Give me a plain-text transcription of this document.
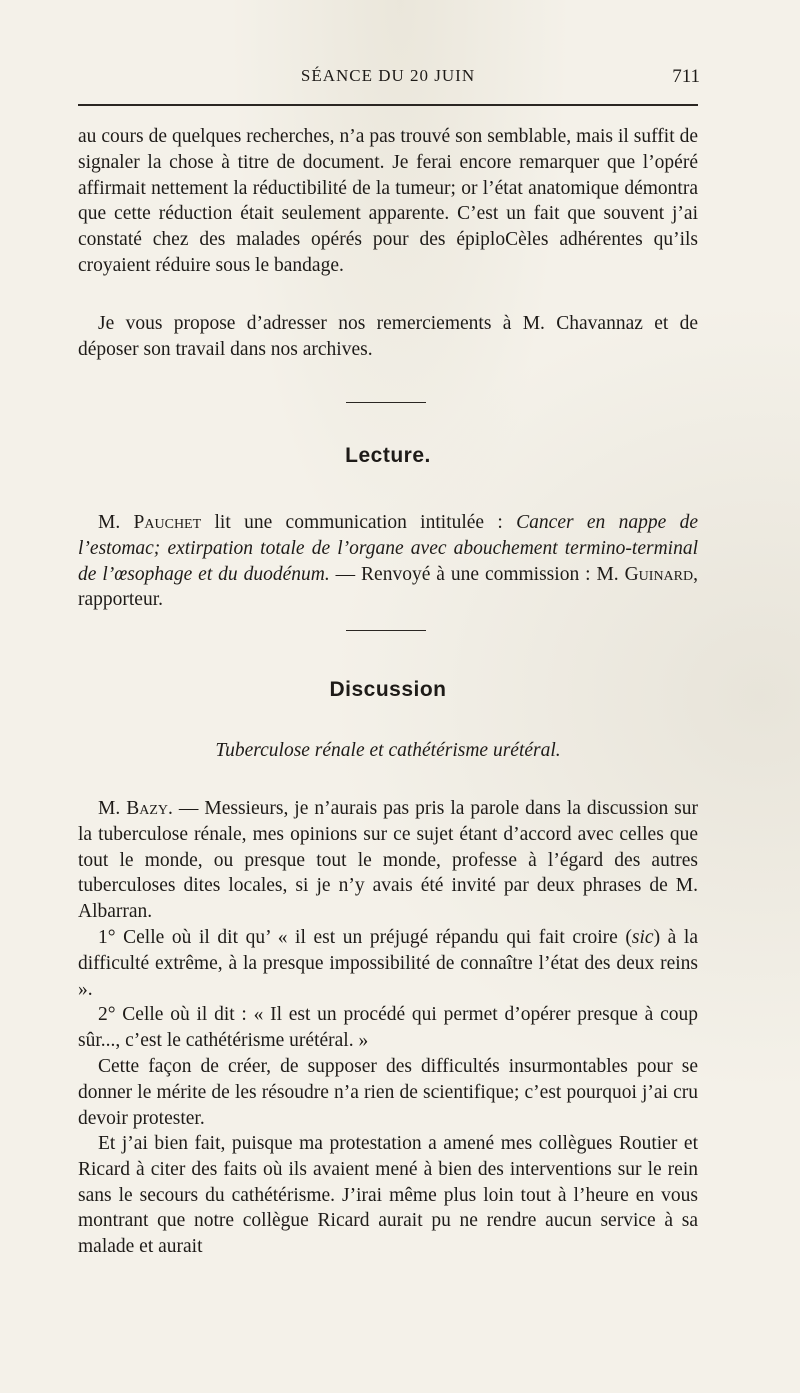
SÉANCE DU 20 JUIN	711
au cours de quelques recherches, n’a pas trouvé son semblable, mais il suffit de signaler la chose à titre de document. Je ferai encore remarquer que l’opéré affirmait nettement la réductibilité de la tumeur; or l’état anatomique démontra que cette réduction était seulement apparente. C’est un fait que souvent j’ai constaté chez des malades opérés pour des épiploCèles adhérentes qu’ils croyaient réduire sous le bandage.
Je vous propose d’adresser nos remerciements à M. Chavannaz et de déposer son travail dans nos archives.
Lecture.
M. Pauchet lit une communication intitulée : Cancer en nappe de l’estomac; extirpation totale de l’organe avec abouchement termino-terminal de l’œsophage et du duodénum. — Renvoyé à une commission : M. Guinard, rapporteur.
Discussion
Tuberculose rénale et cathétérisme urétéral.
M. Bazy. — Messieurs, je n’aurais pas pris la parole dans la discussion sur la tuberculose rénale, mes opinions sur ce sujet étant d’accord avec celles que tout le monde, ou presque tout le monde, professe à l’égard des autres tuberculoses dites locales, si je n’y avais été invité par deux phrases de M. Albarran.
1° Celle où il dit qu’ « il est un préjugé répandu qui fait croire (sic) à la difficulté extrême, à la presque impossibilité de connaître l’état des deux reins ».
2° Celle où il dit : « Il est un procédé qui permet d’opérer presque à coup sûr..., c’est le cathétérisme urétéral. »
Cette façon de créer, de supposer des difficultés insurmontables pour se donner le mérite de les résoudre n’a rien de scientifique; c’est pourquoi j’ai cru devoir protester.
Et j’ai bien fait, puisque ma protestation a amené mes collègues Routier et Ricard à citer des faits où ils avaient mené à bien des interventions sur le rein sans le secours du cathétérisme. J’irai même plus loin tout à l’heure en vous montrant que notre collègue Ricard aurait pu ne rendre aucun service à sa malade et aurait
